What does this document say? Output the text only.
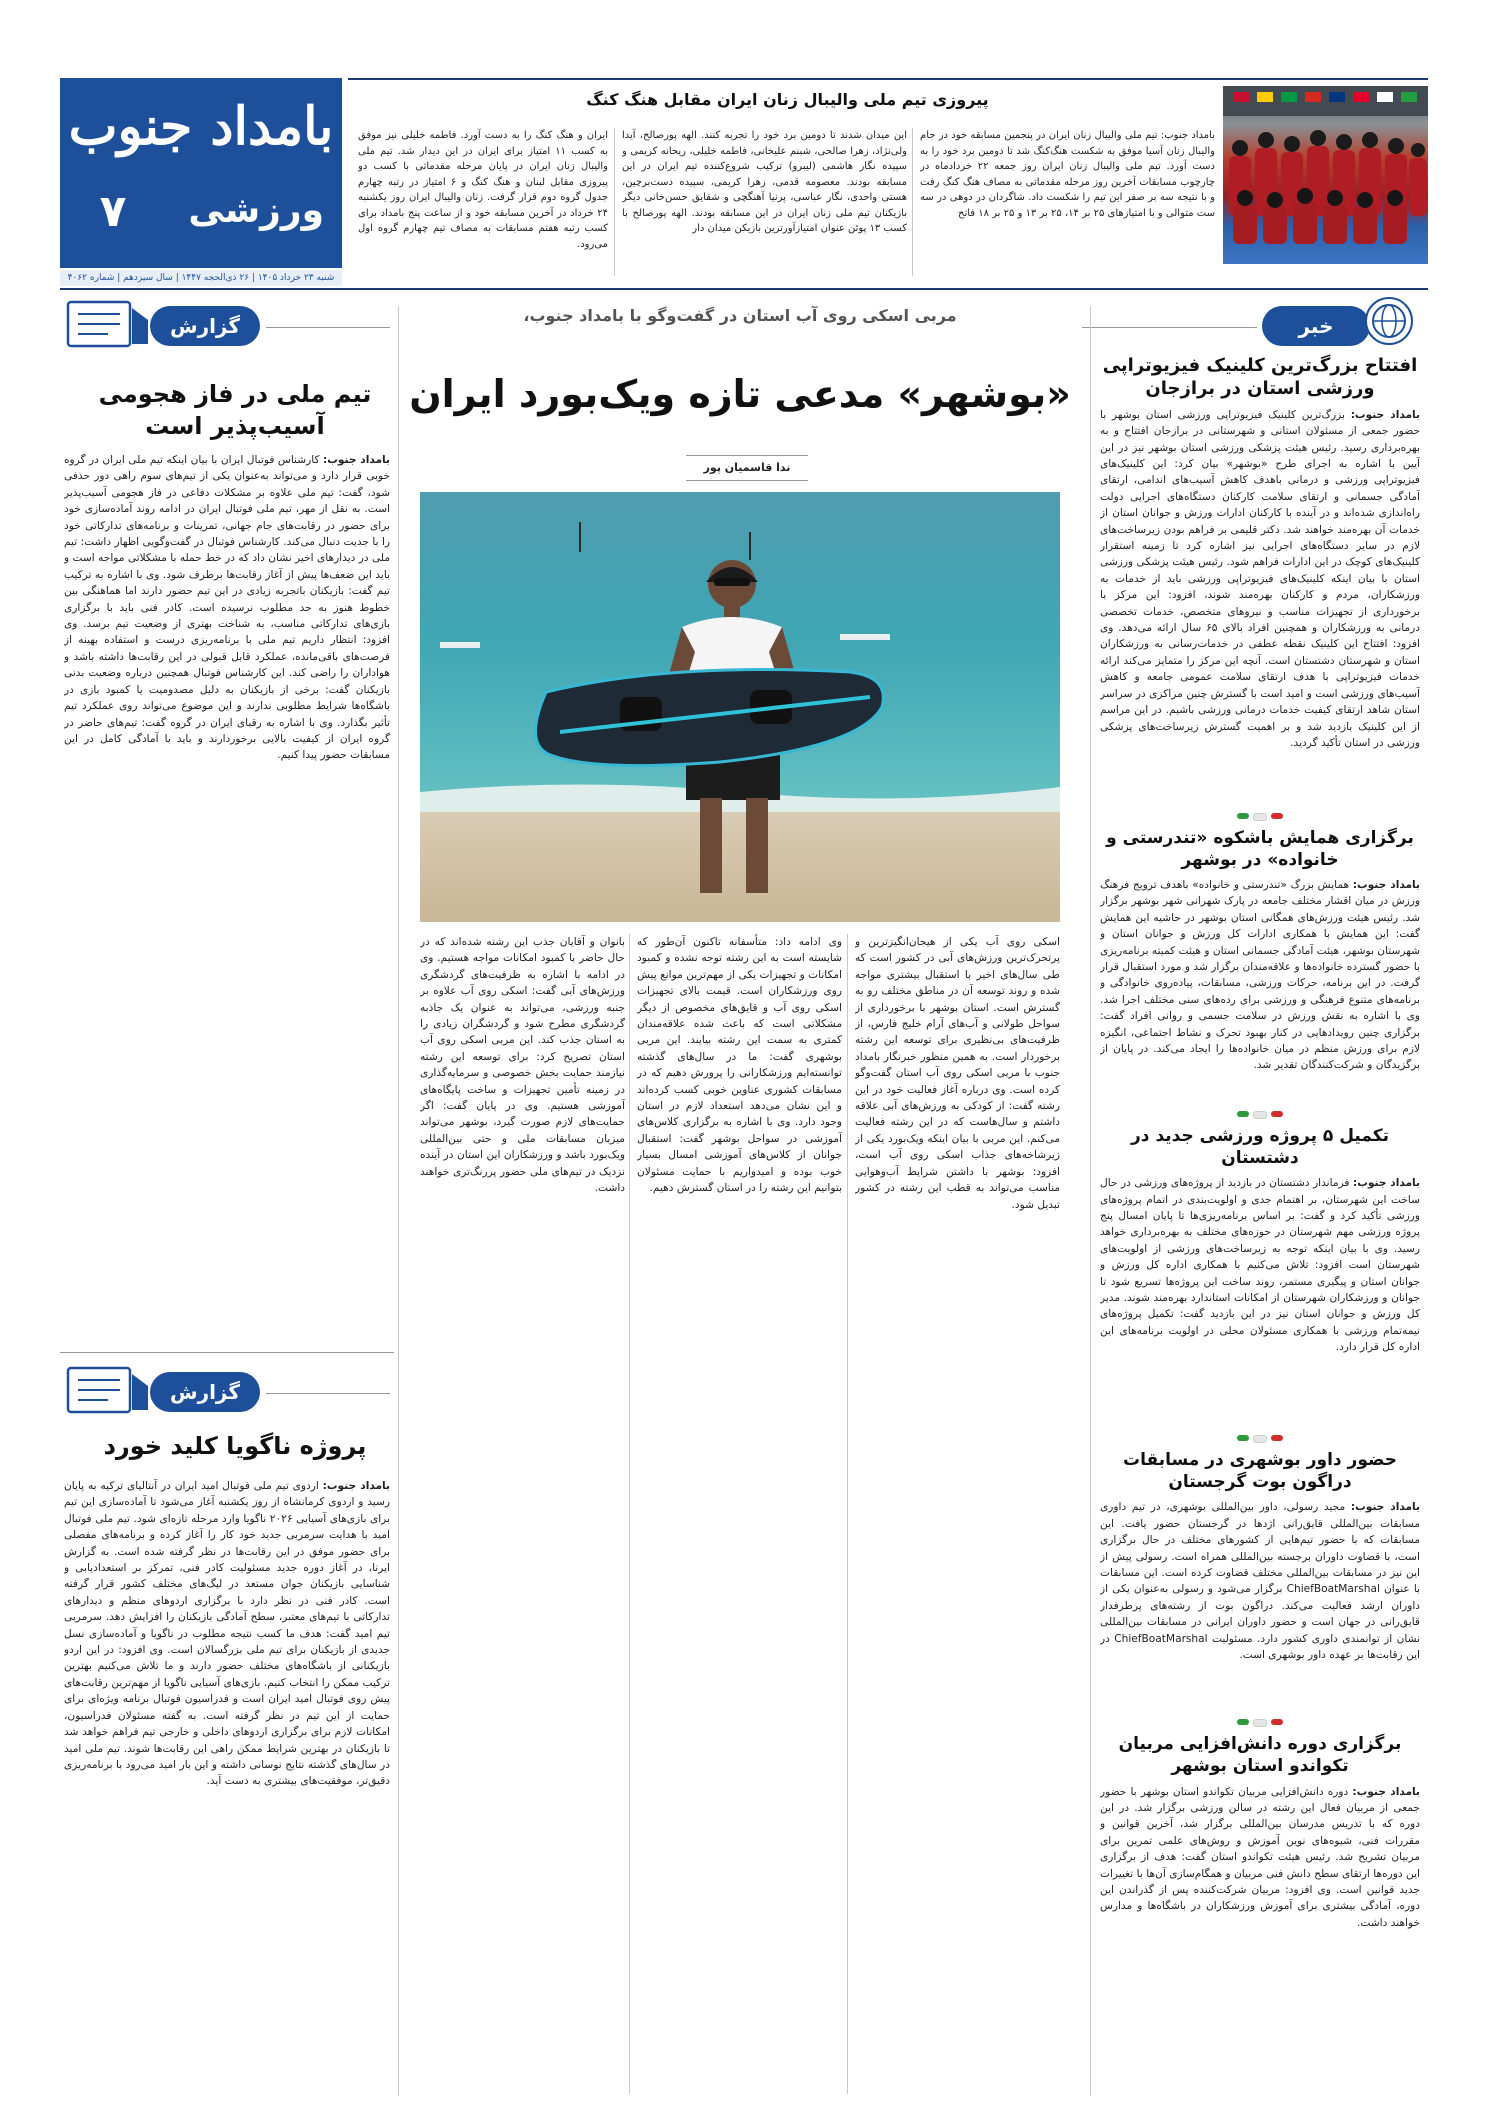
بامداد جنوب
ورزشی
۷
شنبه ۲۳ خرداد ۱۴۰۵ | ۲۶ ذی‌الحجه ۱۴۴۷ | سال سیزدهم | شماره ۴۰۶۲
پیروزی تیم ملی والیبال زنان ایران مقابل هنگ کنگ
بامداد جنوب: تیم ملی والیبال زنان ایران در پنجمین مسابقه خود در جام والیبال زنان آسیا موفق به شکست هنگ‌کنگ شد تا دومین برد خود را به دست آورد. تیم ملی والیبال زنان ایران روز جمعه ۲۲ خردادماه در چارچوب مسابقات آخرین روز مرحله مقدماتی به مصاف هنگ کنگ رفت و با نتیجه سه بر صفر این تیم را شکست داد. شاگردان در دوهی در سه ست متوالی و با امتیازهای ۲۵ بر ۱۴، ۲۵ بر ۱۳ و ۲۵ بر ۱۸ فاتح
این میدان شدند تا دومین برد خود را تجربه کنند. الهه پورصالح، آیدا ولی‌نژاد، زهرا صالحی، شبنم علیخانی، فاطمه خلیلی، ریحانه کریمی و سپیده نگار هاشمی (لیبرو) ترکیب شروع‌کننده تیم ایران در این مسابقه بودند. معصومه قدمی، زهرا کریمی، سپیده دست‌برچین، هستی واحدی، نگار عباسی، پرنیا آهنگچی و شقایق حسن‌خانی دیگر بازیکنان تیم ملی زنان ایران در این مسابقه بودند. الهه پورصالح با کسب ۱۳ پوئن عنوان امتیازآورترین بازیکن میدان دار
ایران و هنگ کنگ را به دست آورد. فاطمه خلیلی نیز موفق به کسب ۱۱ امتیاز برای ایران در این دیدار شد. تیم ملی والیبال زنان ایران در پایان مرحله مقدماتی با کسب دو پیروزی مقابل لبنان و هنگ کنگ و ۶ امتیاز در رتبه چهارم جدول گروه دوم قرار گرفت. زنان والیبال ایران روز یکشنبه ۲۴ خرداد در آخرین مسابقه خود و از ساعت پنج بامداد برای کسب رتبه هفتم مسابقات به مصاف تیم چهارم گروه اول می‌رود.
خبر
افتتاح بزرگ‌ترین کلینیک فیزیوتراپی ورزشی استان در برازجان
بامداد جنوب: بزرگ‌ترین کلینیک فیزیوتراپی ورزشی استان بوشهر با حضور جمعی از مسئولان استانی و شهرستانی در برازجان افتتاح و به بهره‌برداری رسید. رئیس هیئت پزشکی ورزشی استان بوشهر نیز در این آیین با اشاره به اجرای طرح «بوشهر» بیان کرد: این کلینیک‌های فیزیوتراپی ورزشی و درمانی باهدف کاهش آسیب‌های اندامی، ارتقای آمادگی جسمانی و ارتقای سلامت کارکنان دستگاه‌های اجرایی دولت راه‌اندازی شده‌اند و در آینده با کارکنان ادارات ورزش و جوانان استان از خدمات آن بهره‌مند خواهند شد. دکتر قلیمی بر فراهم بودن زیرساخت‌های لازم در سایر دستگاه‌های اجرایی نیز اشاره کرد تا زمینه استقرار کلینیک‌های کوچک در این ادارات فراهم شود. رئیس هیئت پزشکی ورزشی استان با بیان اینکه کلینیک‌های فیزیوتراپی ورزشی باید از خدمات به ورزشکاران، مردم و کارکنان بهره‌مند شوند، افزود: این مرکز با برخورداری از تجهیزات مناسب و نیروهای متخصص، خدمات تخصصی درمانی به ورزشکاران و همچنین افراد بالای ۶۵ سال ارائه می‌دهد. وی افزود: افتتاح این کلینیک نقطه عطفی در خدمات‌رسانی به ورزشکاران استان و شهرستان دشتستان است. آنچه این مرکز را متمایز می‌کند ارائه خدمات فیزیوتراپی با هدف ارتقای سلامت عمومی جامعه و کاهش آسیب‌های ورزشی است و امید است با گسترش چنین مراکزی در سراسر استان شاهد ارتقای کیفیت خدمات درمانی ورزشی باشیم. در این مراسم از این کلینیک بازدید شد و بر اهمیت گسترش زیرساخت‌های پزشکی ورزشی در استان تأکید گردید.
برگزاری همایش باشکوه «تندرستی و خانواده» در بوشهر
بامداد جنوب: همایش بزرگ «تندرستی و خانواده» باهدف ترویج فرهنگ ورزش در میان اقشار مختلف جامعه در پارک شهرانی شهر بوشهر برگزار شد. رئیس هیئت ورزش‌های همگانی استان بوشهر در حاشیه این همایش گفت: این همایش با همکاری ادارات کل ورزش و جوانان استان و شهرستان بوشهر، هیئت آمادگی جسمانی استان و هیئت کمیته برنامه‌ریزی با حضور گسترده خانواده‌ها و علاقه‌مندان برگزار شد و مورد استقبال قرار گرفت. در این برنامه، حرکات ورزشی، مسابقات، پیاده‌روی خانوادگی و برنامه‌های متنوع فرهنگی و ورزشی برای رده‌های سنی مختلف اجرا شد. وی با اشاره به نقش ورزش در سلامت جسمی و روانی افراد گفت: برگزاری چنین رویدادهایی در کنار بهبود تحرک و نشاط اجتماعی، انگیزه لازم برای ورزش منظم در میان خانواده‌ها را ایجاد می‌کند. در پایان از برگزیدگان و شرکت‌کنندگان تقدیر شد.
تکمیل ۵ پروژه ورزشی جدید در دشتستان
بامداد جنوب: فرماندار دشتستان در بازدید از پروژه‌های ورزشی در حال ساخت این شهرستان، بر اهتمام جدی و اولویت‌بندی در اتمام پروژه‌های ورزشی تأکید کرد و گفت: بر اساس برنامه‌ریزی‌ها تا پایان امسال پنج پروژه ورزشی مهم شهرستان در حوزه‌های مختلف به بهره‌برداری خواهد رسید. وی با بیان اینکه توجه به زیرساخت‌های ورزشی از اولویت‌های شهرستان است افزود: تلاش می‌کنیم با همکاری اداره کل ورزش و جوانان استان و پیگیری مستمر، روند ساخت این پروژه‌ها تسریع شود تا جوانان و ورزشکاران شهرستان از امکانات استاندارد بهره‌مند شوند. مدیر کل ورزش و جوانان استان نیز در این بازدید گفت: تکمیل پروژه‌های نیمه‌تمام ورزشی با همکاری مسئولان محلی در اولویت برنامه‌های این اداره کل قرار دارد.
حضور داور بوشهری در مسابقات دراگون بوت گرجستان
بامداد جنوب: مجید رسولی، داور بین‌المللی بوشهری، در تیم داوری مسابقات بین‌المللی قایق‌رانی اژدها در گرجستان حضور یافت. این مسابقات که با حضور تیم‌هایی از کشورهای مختلف در حال برگزاری است، با قضاوت داوران برجسته بین‌المللی همراه است. رسولی پیش از این نیز در مسابقات بین‌المللی مختلف قضاوت کرده است. این مسابقات با عنوان ChiefBoatMarshal برگزار می‌شود و رسولی به‌عنوان یکی از داوران ارشد فعالیت می‌کند. دراگون بوت از رشته‌های پرطرفدار قایق‌رانی در جهان است و حضور داوران ایرانی در مسابقات بین‌المللی نشان از توانمندی داوری کشور دارد. مسئولیت ChiefBoatMarshal در این رقابت‌ها بر عهده داور بوشهری است.
برگزاری دوره دانش‌افزایی مربیان تکواندو استان بوشهر
بامداد جنوب: دوره دانش‌افزایی مربیان تکواندو استان بوشهر با حضور جمعی از مربیان فعال این رشته در سالن ورزشی برگزار شد. در این دوره که با تدریس مدرسان بین‌المللی برگزار شد، آخرین قوانین و مقررات فنی، شیوه‌های نوین آموزش و روش‌های علمی تمرین برای مربیان تشریح شد. رئیس هیئت تکواندو استان گفت: هدف از برگزاری این دوره‌ها ارتقای سطح دانش فنی مربیان و همگام‌سازی آن‌ها با تغییرات جدید قوانین است. وی افزود: مربیان شرکت‌کننده پس از گذراندن این دوره، آمادگی بیشتری برای آموزش ورزشکاران در باشگاه‌ها و مدارس خواهند داشت.
مربی اسکی روی آب استان در گفت‌وگو با بامداد جنوب،
«بوشهر» مدعی تازه ویک‌بورد ایران
ندا قاسمیان پور
اسکی روی آب یکی از هیجان‌انگیزترین و پرتحرک‌ترین ورزش‌های آبی در کشور است که طی سال‌های اخیر با استقبال بیشتری مواجه شده و روند توسعه آن در مناطق مختلف رو به گسترش است. استان بوشهر با برخورداری از سواحل طولانی و آب‌های آرام خلیج فارس، از ظرفیت‌های بی‌نظیری برای توسعه این رشته برخوردار است. به همین منظور خبرنگار بامداد جنوب با مربی اسکی روی آب استان گفت‌وگو کرده است. وی درباره آغاز فعالیت خود در این رشته گفت: از کودکی به ورزش‌های آبی علاقه داشتم و سال‌هاست که در این رشته فعالیت می‌کنم. این مربی با بیان اینکه ویک‌بورد یکی از زیرشاخه‌های جذاب اسکی روی آب است، افزود: بوشهر با داشتن شرایط آب‌وهوایی مناسب می‌تواند به قطب این رشته در کشور تبدیل شود.
وی ادامه داد: متأسفانه تاکنون آن‌طور که شایسته است به این رشته توجه نشده و کمبود امکانات و تجهیزات یکی از مهم‌ترین موانع پیش روی ورزشکاران است. قیمت بالای تجهیزات اسکی روی آب و قایق‌های مخصوص از دیگر مشکلاتی است که باعث شده علاقه‌مندان کمتری به سمت این رشته بیایند. این مربی بوشهری گفت: ما در سال‌های گذشته توانسته‌ایم ورزشکارانی را پرورش دهیم که در مسابقات کشوری عناوین خوبی کسب کرده‌اند و این نشان می‌دهد استعداد لازم در استان وجود دارد. وی با اشاره به برگزاری کلاس‌های آموزشی در سواحل بوشهر گفت: استقبال جوانان از کلاس‌های آموزشی امسال بسیار خوب بوده و امیدواریم با حمایت مسئولان بتوانیم این رشته را در استان گسترش دهیم.
بانوان و آقایان جذب این رشته شده‌اند که در حال حاضر با کمبود امکانات مواجه هستیم. وی در ادامه با اشاره به ظرفیت‌های گردشگری ورزش‌های آبی گفت: اسکی روی آب علاوه بر جنبه ورزشی، می‌تواند به عنوان یک جاذبه گردشگری مطرح شود و گردشگران زیادی را به استان جذب کند. این مربی اسکی روی آب استان تصریح کرد: برای توسعه این رشته نیازمند حمایت بخش خصوصی و سرمایه‌گذاری در زمینه تأمین تجهیزات و ساخت پایگاه‌های آموزشی هستیم. وی در پایان گفت: اگر حمایت‌های لازم صورت گیرد، بوشهر می‌تواند میزبان مسابقات ملی و حتی بین‌المللی ویک‌بورد باشد و ورزشکاران این استان در آینده نزدیک در تیم‌های ملی حضور پررنگ‌تری خواهند داشت.
گزارش
تیم ملی در فاز هجومی آسیب‌پذیر است
بامداد جنوب: کارشناس فوتبال ایران با بیان اینکه تیم ملی ایران در گروه خوبی قرار دارد و می‌تواند به‌عنوان یکی از تیم‌های سوم راهی دور حذفی شود، گفت: تیم ملی علاوه بر مشکلات دفاعی در فاز هجومی آسیب‌پذیر است. به نقل از مهر، تیم ملی فوتبال ایران در ادامه روند آماده‌سازی خود برای حضور در رقابت‌های جام جهانی، تمرینات و برنامه‌های تدارکاتی خود را با جدیت دنبال می‌کند. کارشناس فوتبال در گفت‌وگویی اظهار داشت: تیم ملی در دیدارهای اخیر نشان داد که در خط حمله با مشکلاتی مواجه است و باید این ضعف‌ها پیش از آغاز رقابت‌ها برطرف شود. وی با اشاره به ترکیب تیم گفت: بازیکنان باتجربه زیادی در این تیم حضور دارند اما هماهنگی بین خطوط هنوز به حد مطلوب نرسیده است. کادر فنی باید با برگزاری بازی‌های تدارکاتی مناسب، به شناخت بهتری از وضعیت تیم برسد. وی افزود: انتظار داریم تیم ملی با برنامه‌ریزی درست و استفاده بهینه از فرصت‌های باقی‌مانده، عملکرد قابل قبولی در این رقابت‌ها داشته باشد و هواداران را راضی کند. این کارشناس فوتبال همچنین درباره وضعیت بدنی بازیکنان گفت: برخی از بازیکنان به دلیل مصدومیت یا کمبود بازی در باشگاه‌ها شرایط مطلوبی ندارند و این موضوع می‌تواند روی عملکرد تیم تأثیر بگذارد. وی با اشاره به رقبای ایران در گروه گفت: تیم‌های حاضر در گروه ایران از کیفیت بالایی برخوردارند و باید با آمادگی کامل در این مسابقات حضور پیدا کنیم.
گزارش
پروژه ناگویا کلید خورد
بامداد جنوب: اردوی تیم ملی فوتبال امید ایران در آنتالیای ترکیه به پایان رسید و اردوی کرمانشاه از روز یکشنبه آغاز می‌شود تا آماده‌سازی این تیم برای بازی‌های آسیایی ۲۰۲۶ ناگویا وارد مرحله تازه‌ای شود. تیم ملی فوتبال امید با هدایت سرمربی جدید خود کار را آغاز کرده و برنامه‌های مفصلی برای حضور موفق در این رقابت‌ها در نظر گرفته شده است. به گزارش ایرنا، در آغاز دوره جدید مسئولیت کادر فنی، تمرکز بر استعدادیابی و شناسایی بازیکنان جوان مستعد در لیگ‌های مختلف کشور قرار گرفته است. کادر فنی در نظر دارد با برگزاری اردوهای منظم و دیدارهای تدارکاتی با تیم‌های معتبر، سطح آمادگی بازیکنان را افزایش دهد. سرمربی تیم امید گفت: هدف ما کسب نتیجه مطلوب در ناگویا و آماده‌سازی نسل جدیدی از بازیکنان برای تیم ملی بزرگسالان است. وی افزود: در این اردو بازیکنانی از باشگاه‌های مختلف حضور دارند و ما تلاش می‌کنیم بهترین ترکیب ممکن را انتخاب کنیم. بازی‌های آسیایی ناگویا از مهم‌ترین رقابت‌های پیش روی فوتبال امید ایران است و فدراسیون فوتبال برنامه ویژه‌ای برای حمایت از این تیم در نظر گرفته است. به گفته مسئولان فدراسیون، امکانات لازم برای برگزاری اردوهای داخلی و خارجی تیم فراهم خواهد شد تا بازیکنان در بهترین شرایط ممکن راهی این رقابت‌ها شوند. تیم ملی امید در سال‌های گذشته نتایج نوسانی داشته و این بار امید می‌رود با برنامه‌ریزی دقیق‌تر، موفقیت‌های بیشتری به دست آید.
